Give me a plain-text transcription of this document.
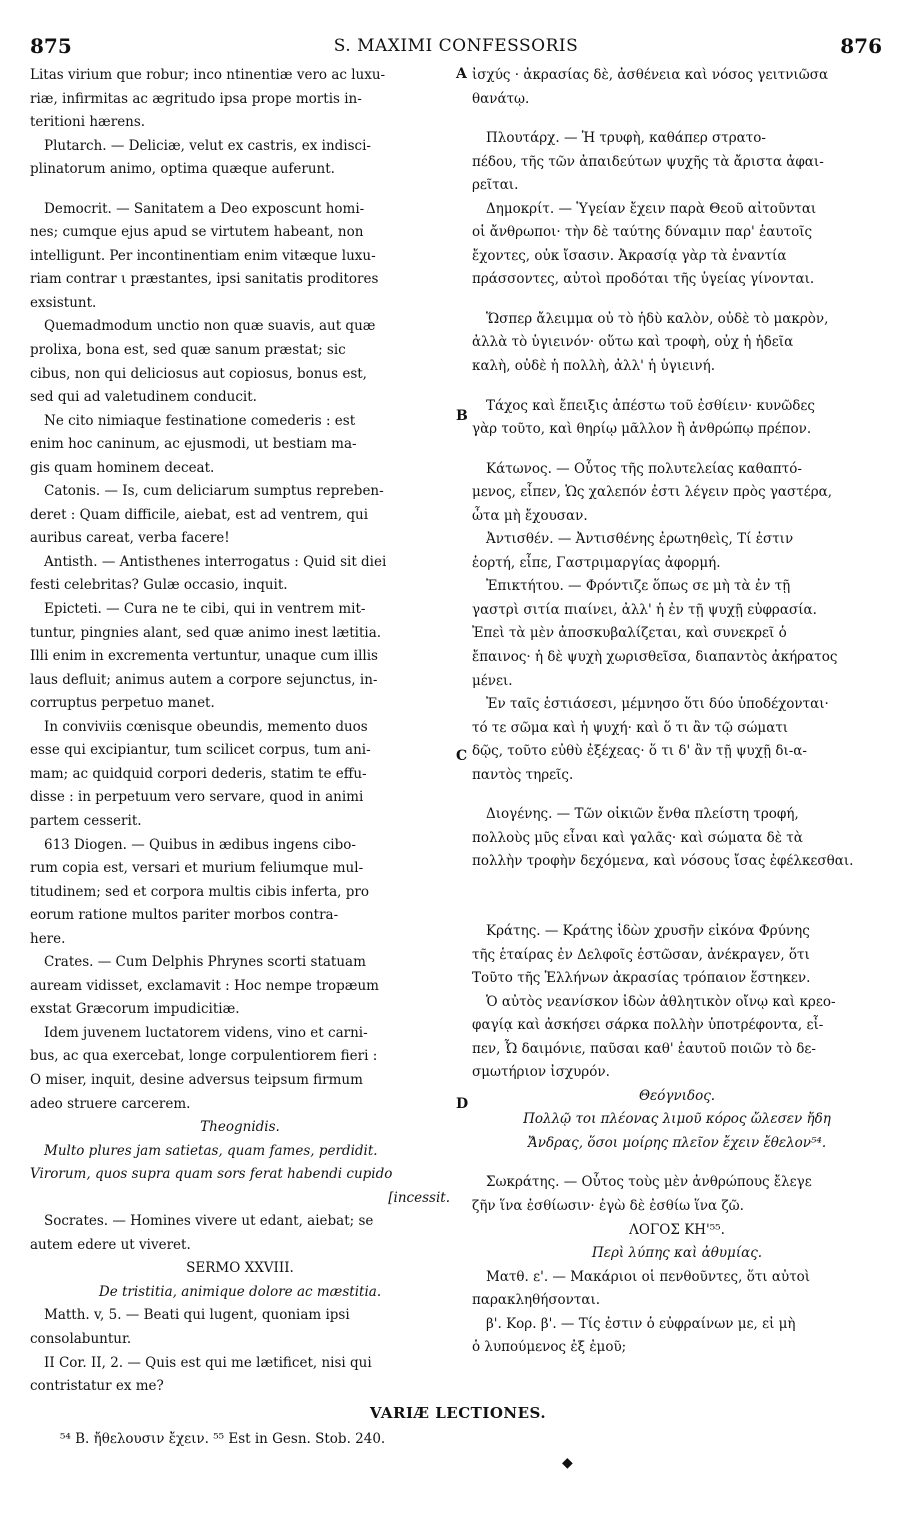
875	S. MAXIMI CONFESSORIS	876
A
B
C
D

Litas virium que robur; inco ntinentiæ vero ac luxu-

riæ, infirmitas ac ægritudo ipsa prope mortis in-

teritioni hærens.

Plutarch. — Deliciæ, velut ex castris, ex indisci-

plinatorum animo, optima quæque auferunt.

Democrit. — Sanitatem a Deo exposcunt homi-

nes; cumque ejus apud se virtutem habeant, non

intelligunt. Per incontinentiam enim vitæque luxu-

riam contrar ι præstantes, ipsi sanitatis proditores

exsistunt.

Quemadmodum unctio non quæ suavis, aut quæ

prolixa, bona est, sed quæ sanum præstat; sic

cibus, non qui deliciosus aut copiosus, bonus est,

sed qui ad valetudinem conducit.

Ne cito nimiaque festinatione comederis : est

enim hoc caninum, ac ejusmodi, ut bestiam ma-

gis quam hominem deceat.

Catonis. — Is, cum deliciarum sumptus repreben-

deret : Quam difficile, aiebat, est ad ventrem, qui

auribus careat, verba facere!

Antisth. — Antisthenes interrogatus : Quid sit diei

festi celebritas? Gulæ occasio, inquit.

Epicteti. — Cura ne te cibi, qui in ventrem mit-

tuntur, pingnies alant, sed quæ animo inest lætitia.

Illi enim in excrementa vertuntur, unaque cum illis

laus defluit; animus autem a corpore sejunctus, in-

corruptus perpetuo manet.

In conviviis cœnisque obeundis, memento duos

esse qui excipiantur, tum scilicet corpus, tum ani-

mam; ac quidquid corpori dederis, statim te effu-

disse : in perpetuum vero servare, quod in animi

partem cesserit.

613 Diogen. — Quibus in ædibus ingens cibo-

rum copia est, versari et murium feliumque mul-

titudinem; sed et corpora multis cibis inferta, pro

eorum ratione multos pariter morbos contra-

here.

Crates. — Cum Delphis Phrynes scorti statuam

auream vidisset, exclamavit : Hoc nempe tropæum

exstat Græcorum impudicitiæ.

Idem juvenem luctatorem videns, vino et carni-

bus, ac qua exercebat, longe corpulentiorem fieri :

O miser, inquit, desine adversus teipsum firmum

adeo struere carcerem.

Theognidis.

Multo plures jam satietas, quam fames, perdidit.

Virorum, quos supra quam sors ferat habendi cupido

[incessit.

Socrates. — Homines vivere ut edant, aiebat; se

autem edere ut viveret.

SERMO XXVIII.

De tristitia, animique dolore ac mæstitia.

Matth. v, 5. — Beati qui lugent, quoniam ipsi

consolabuntur.

II Cor. II, 2. — Quis est qui me lætificet, nisi qui

contristatur ex me?

ἰσχύς · ἀκρασίας δὲ, ἀσθένεια καὶ νόσος γειτνιῶσα

θανάτῳ.

Πλουτάρχ. — Ἡ τρυφὴ, καθάπερ στρατο-

πέδου, τῆς τῶν ἀπαιδεύτων ψυχῆς τὰ ἄριστα ἀφαι-

ρεῖται.

Δημοκρίτ. — Ὑγείαν ἔχειν παρὰ Θεοῦ αἰτοῦνται

οἱ ἄνθρωποι· τὴν δὲ ταύτης δύναμιν παρ' ἑαυτοῖς

ἔχοντες, οὐκ ἴσασιν. Ἀκρασίᾳ γὰρ τὰ ἐναντία

πράσσοντες, αὐτοὶ προδόται τῆς ὑγείας γίνονται.

Ὥσπερ ἄλειμμα οὐ τὸ ἡδὺ καλὸν, οὐδὲ τὸ μακρὸν,

ἀλλὰ τὸ ὑγιεινόν· οὕτω καὶ τροφὴ, οὐχ ἡ ἡδεῖα

καλὴ, οὐδὲ ἡ πολλὴ, ἀλλ' ἡ ὑγιεινή.

Τάχος καὶ ἔπειξις ἀπέστω τοῦ ἐσθίειν· κυνῶδες

γὰρ τοῦτο, καὶ θηρίῳ μᾶλλον ἢ ἀνθρώπῳ πρέπον.

Κάτωνος. — Οὗτος τῆς πολυτελείας καθαπτό-

μενος, εἶπεν, Ὡς χαλεπόν ἐστι λέγειν πρὸς γαστέρα,

ὦτα μὴ ἔχουσαν.

Ἀντισθέν. — Ἀντισθένης ἐρωτηθεὶς, Τί ἐστιν

ἑορτή, εἶπε, Γαστριμαργίας ἀφορμή.

Ἐπικτήτου. — Φρόντιζε ὅπως σε μὴ τὰ ἐν τῇ

γαστρὶ σιτία πιαίνει, ἀλλ' ἡ ἐν τῇ ψυχῇ εὐφρασία.

Ἐπεὶ τὰ μὲν ἀποσκυβαλίζεται, καὶ συνεκρεῖ ὁ

ἔπαινος· ἡ δὲ ψυχὴ χωρισθεῖσα, διαπαντὸς ἀκήρατος

μένει.

Ἐν ταῖς ἑστιάσεσι, μέμνησο ὅτι δύο ὑποδέχονται·

τό τε σῶμα καὶ ἡ ψυχή· καὶ ὅ τι ἂν τῷ σώματι

δῷς, τοῦτο εὐθὺ ἐξέχεας· ὅ τι δ' ἂν τῇ ψυχῇ δι-α-

παντὸς τηρεῖς.

Διογένης. — Τῶν οἰκιῶν ἔνθα πλείστη τροφή,

πολλοὺς μῦς εἶναι καὶ γαλᾶς· καὶ σώματα δὲ τὰ

πολλὴν τροφὴν δεχόμενα, καὶ νόσους ἴσας ἐφέλκεσθαι.

Κράτης. — Κράτης ἰδὼν χρυσῆν εἰκόνα Φρύνης

τῆς ἑταίρας ἐν Δελφοῖς ἑστῶσαν, ἀνέκραγεν, ὅτι

Τοῦτο τῆς Ἑλλήνων ἀκρασίας τρόπαιον ἕστηκεν.

Ὁ αὐτὸς νεανίσκον ἰδὼν ἀθλητικὸν οἴνῳ καὶ κρεο-

φαγίᾳ καὶ ἀσκήσει σάρκα πολλὴν ὑποτρέφοντα, εἶ-

πεν, Ὦ δαιμόνιε, παῦσαι καθ' ἑαυτοῦ ποιῶν τὸ δε-

σμωτήριον ἰσχυρόν.

Θεόγνιδος.

Πολλῷ τοι πλέονας λιμοῦ κόρος ὤλεσεν ἤδη

Ἄνδρας, ὅσοι μοίρης πλεῖον ἔχειν ἔθελον⁵⁴.

Σωκράτης. — Οὗτος τοὺς μὲν ἀνθρώπους ἔλεγε

ζῆν ἵνα ἐσθίωσιν· ἐγὼ δὲ ἐσθίω ἵνα ζῶ.

ΛΟΓΟΣ ΚΗ'⁵⁵.

Περὶ λύπης καὶ ἀθυμίας.

Ματθ. ε'. — Μακάριοι οἱ πενθοῦντες, ὅτι αὐτοὶ

παρακληθήσονται.

β'. Κορ. β'. — Τίς ἐστιν ὁ εὐφραίνων με, εἰ μὴ

ὁ λυπούμενος ἐξ ἐμοῦ;

VARIÆ LECTIONES.
⁵⁴ B. ἤθελουσιν ἔχειν. ⁵⁵ Est in Gesn. Stob. 240.
◆
